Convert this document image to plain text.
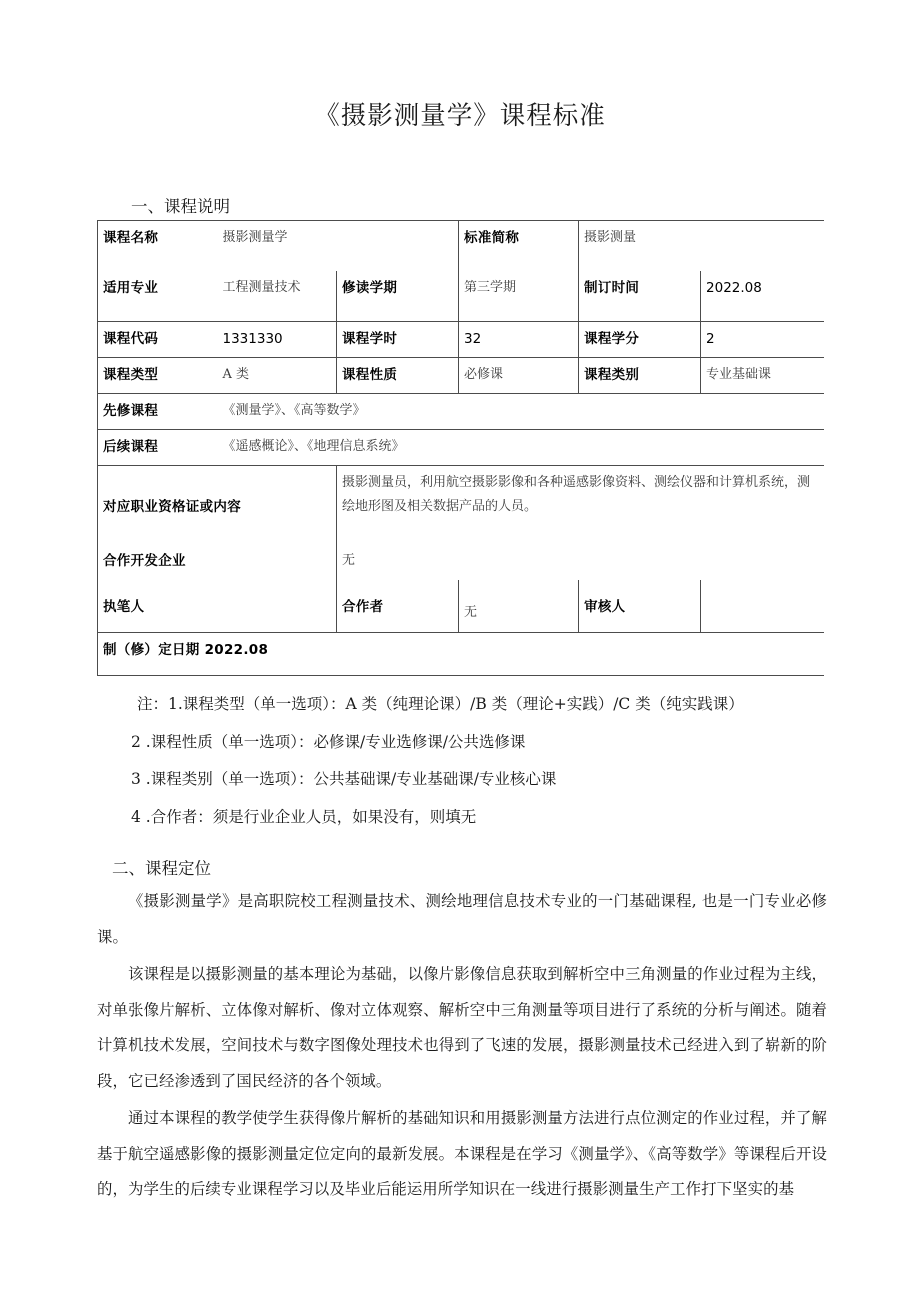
《摄影测量学》课程标准
一、课程说明
课程名称	摄影测量学		标准简称	摄影测量	
适用专业	工程测量技术	修读学期	第三学期	制订时间	2022.08
课程代码	1331330	课程学时	32	课程学分	2
课程类型	A 类	课程性质	必修课	课程类别	专业基础课
先修课程	《测量学》、《高等数学》				
后续课程	《遥感概论》、《地理信息系统》				

对应职业资格证或内容		摄影测量员，利用航空摄影影像和各种遥感影像资料、测绘仪器和计算机系统，测绘地形图及相关数据产品的人员。			

合作开发企业		无			

执笔人		合作者	无	审核人	

制（修）定日期 2022.08					
注：1.课程类型（单一选项）：A 类（纯理论课）/B 类（理论+实践）/C 类（纯实践课）
2 .课程性质（单一选项）：必修课/专业选修课/公共选修课
3 .课程类别（单一选项）：公共基础课/专业基础课/专业核心课
4 .合作者：须是行业企业人员，如果没有，则填无
二、课程定位

《摄影测量学》是高职院校工程测量技术、测绘地理信息技术专业的一门基础课程, 也是一门专业必修课。

该课程是以摄影测量的基本理论为基础，以像片影像信息获取到解析空中三角测量的作业过程为主线，对单张像片解析、立体像对解析、像对立体观察、解析空中三角测量等项目进行了系统的分析与阐述。随着计算机技术发展，空间技术与数字图像处理技术也得到了飞速的发展，摄影测量技术己经进入到了崭新的阶段，它已经渗透到了国民经济的各个领域。

通过本课程的教学使学生获得像片解析的基础知识和用摄影测量方法进行点位测定的作业过程，并了解基于航空遥感影像的摄影测量定位定向的最新发展。本课程是在学习《测量学》、《高等数学》等课程后开设的，为学生的后续专业课程学习以及毕业后能运用所学知识在一线进行摄影测量生产工作打下坚实的基
